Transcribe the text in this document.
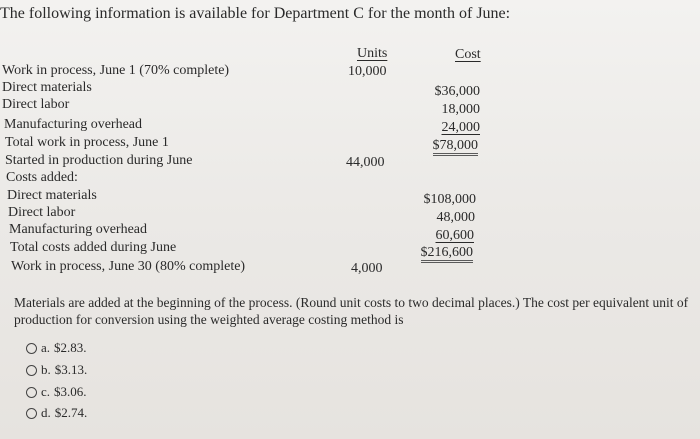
The following information is available for Department C for the month of June:
Units	Cost
Work in process, June 1 (70% complete)
Direct materials
Direct labor
Manufacturing overhead
Total work in process, June 1
Started in production during June
Costs added:
Direct materials
Direct labor
Manufacturing overhead
Total costs added during June
Work in process, June 30 (80% complete)
10,000
44,000
4,000
$36,000
18,000
24,000
$78,000
$108,000
48,000
60,600
$216,600
Materials are added at the beginning of the process. (Round unit costs to two decimal places.) The cost per equivalent unit of production for conversion using the weighted average costing method is
a. $2.83.
b. $3.13.
c. $3.06.
d. $2.74.
